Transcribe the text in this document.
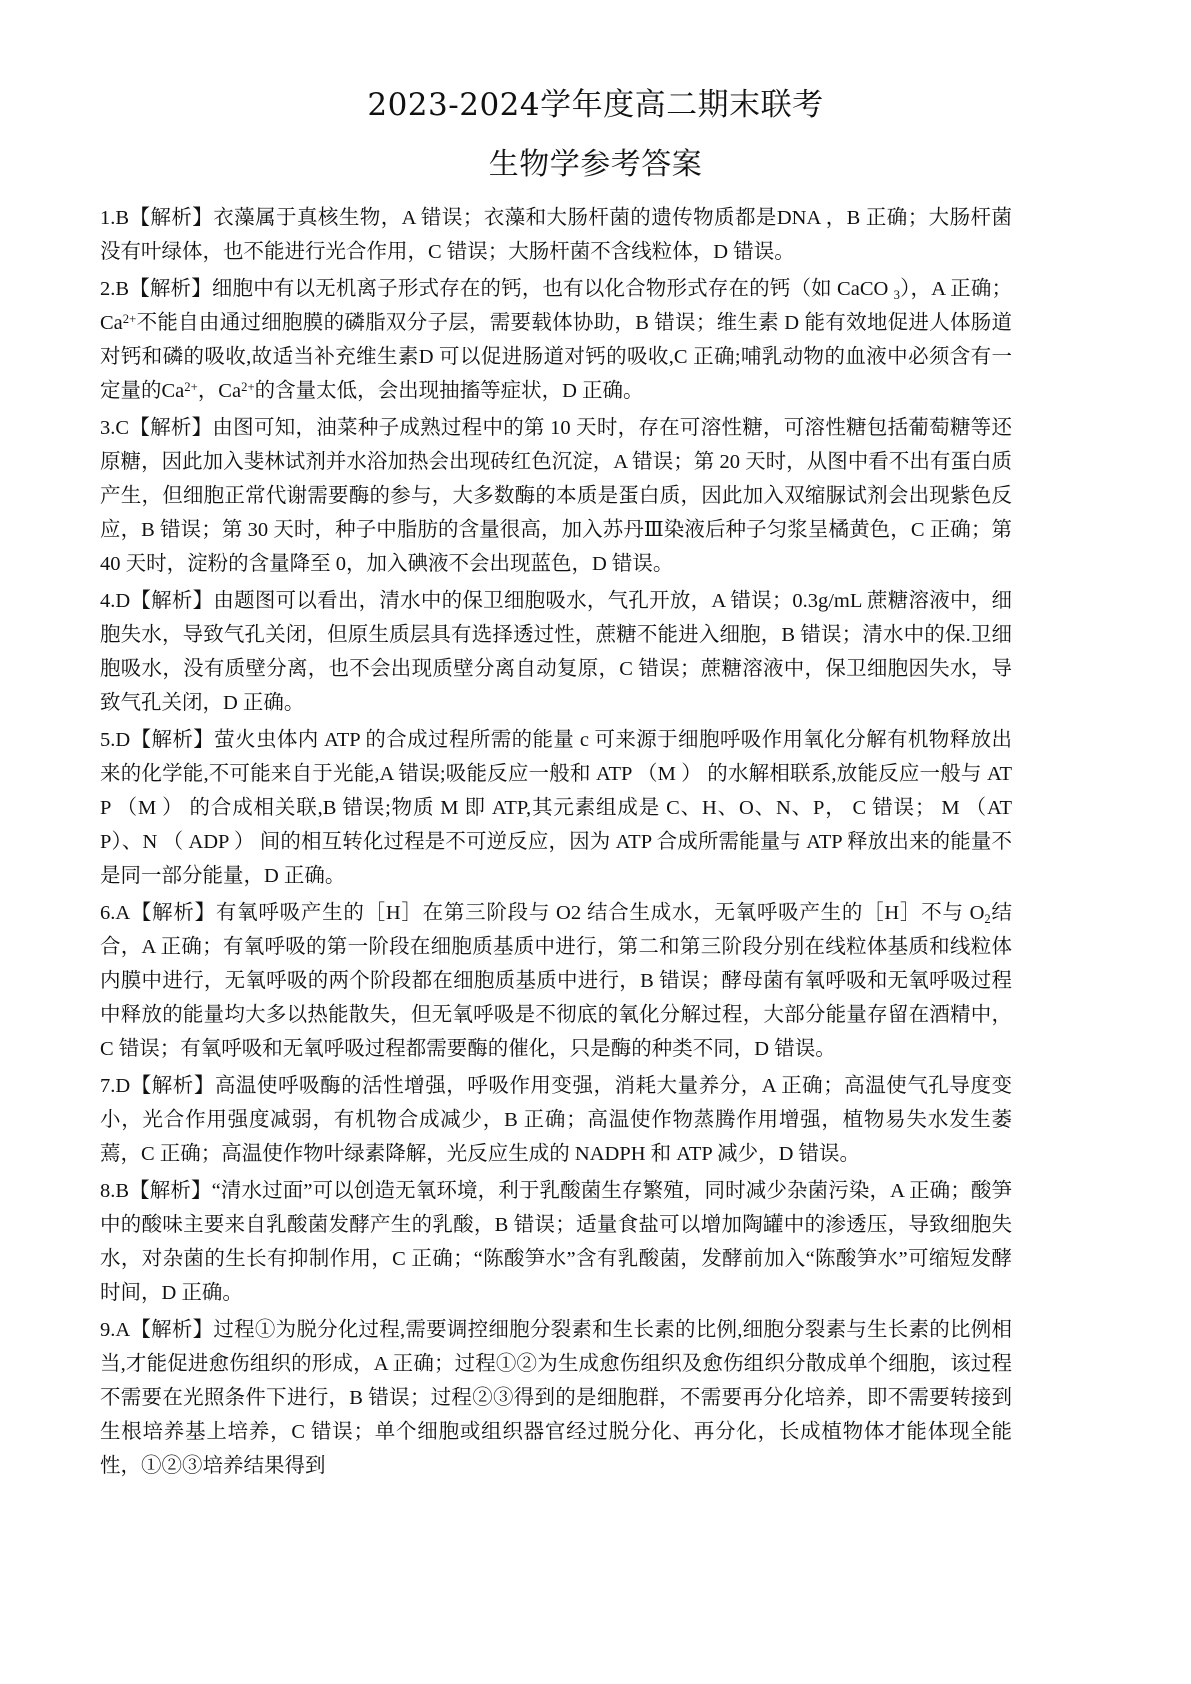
2023-2024学年度高二期末联考
生物学参考答案

1.B【解析】衣藻属于真核生物，A 错误；衣藻和大肠杆菌的遗传物质都是DNA ，B 正确；大肠杆菌没有叶绿体，也不能进行光合作用，C 错误；大肠杆菌不含线粒体，D 错误。

2.B【解析】细胞中有以无机离子形式存在的钙，也有以化合物形式存在的钙（如 CaCO 3），A 正确； $Ca^{2+}$不能自由通过细胞膜的磷脂双分子层，需要载体协助，B 错误；维生素 D 能有效地促进人体肠道对钙和磷的吸收,故适当补充维生素D 可以促进肠道对钙的吸收,C 正确;哺乳动物的血液中必须含有一定量的$Ca^{2+}$，$Ca^{2+}$的含量太低，会出现抽搐等症状，D 正确。

3.C【解析】由图可知，油菜种子成熟过程中的第 10 天时，存在可溶性糖，可溶性糖包括葡萄糖等还原糖，因此加入斐林试剂并水浴加热会出现砖红色沉淀，A 错误；第 20 天时，从图中看不出有蛋白质产生，但细胞正常代谢需要酶的参与，大多数酶的本质是蛋白质，因此加入双缩脲试剂会出现紫色反应，B 错误；第 30 天时，种子中脂肪的含量很高，加入苏丹Ⅲ染液后种子匀浆呈橘黄色，C 正确；第 40 天时，淀粉的含量降至 0，加入碘液不会出现蓝色，D 错误。

4.D【解析】由题图可以看出，清水中的保卫细胞吸水，气孔开放，A 错误；0.3g/mL 蔗糖溶液中，细胞失水，导致气孔关闭，但原生质层具有选择透过性，蔗糖不能进入细胞，B 错误；清水中的保.卫细胞吸水，没有质壁分离，也不会出现质壁分离自动复原，C 错误；蔗糖溶液中，保卫细胞因失水，导致气孔关闭，D 正确。

5.D【解析】萤火虫体内 ATP 的合成过程所需的能量 c 可来源于细胞呼吸作用氧化分解有机物释放出来的化学能,不可能来自于光能,A 错误;吸能反应一般和 ATP （M ） 的水解相联系,放能反应一般与 ATP （M ） 的合成相关联,B 错误;物质 M 即 ATP,其元素组成是 C、H、O、N、P， C 错误； M （ATP）、N （ ADP ） 间的相互转化过程是不可逆反应，因为 ATP 合成所需能量与 ATP 释放出来的能量不是同一部分能量，D 正确。

6.A【解析】有氧呼吸产生的［H］在第三阶段与 O2 结合生成水，无氧呼吸产生的［H］不与 O2结合，A 正确；有氧呼吸的第一阶段在细胞质基质中进行，第二和第三阶段分别在线粒体基质和线粒体内膜中进行，无氧呼吸的两个阶段都在细胞质基质中进行，B 错误；酵母菌有氧呼吸和无氧呼吸过程中释放的能量均大多以热能散失，但无氧呼吸是不彻底的氧化分解过程，大部分能量存留在酒精中，C 错误；有氧呼吸和无氧呼吸过程都需要酶的催化，只是酶的种类不同，D 错误。

7.D【解析】高温使呼吸酶的活性增强，呼吸作用变强，消耗大量养分，A 正确；高温使气孔导度变小，光合作用强度减弱，有机物合成减少，B 正确；高温使作物蒸腾作用增强，植物易失水发生萎蔫，C 正确；高温使作物叶绿素降解，光反应生成的 NADPH 和 ATP 减少，D 错误。

8.B【解析】“清水过面”可以创造无氧环境，利于乳酸菌生存繁殖，同时减少杂菌污染，A 正确；酸笋中的酸味主要来自乳酸菌发酵产生的乳酸，B 错误；适量食盐可以增加陶罐中的渗透压，导致细胞失水，对杂菌的生长有抑制作用，C 正确；“陈酸笋水”含有乳酸菌，发酵前加入“陈酸笋水”可缩短发酵时间，D 正确。

9.A【解析】过程①为脱分化过程,需要调控细胞分裂素和生长素的比例,细胞分裂素与生长素的比例相当,才能促进愈伤组织的形成，A 正确；过程①②为生成愈伤组织及愈伤组织分散成单个细胞，该过程不需要在光照条件下进行，B 错误；过程②③得到的是细胞群，不需要再分化培养，即不需要转接到生根培养基上培养，C 错误；单个细胞或组织器官经过脱分化、再分化，长成植物体才能体现全能性，①②③培养结果得到
